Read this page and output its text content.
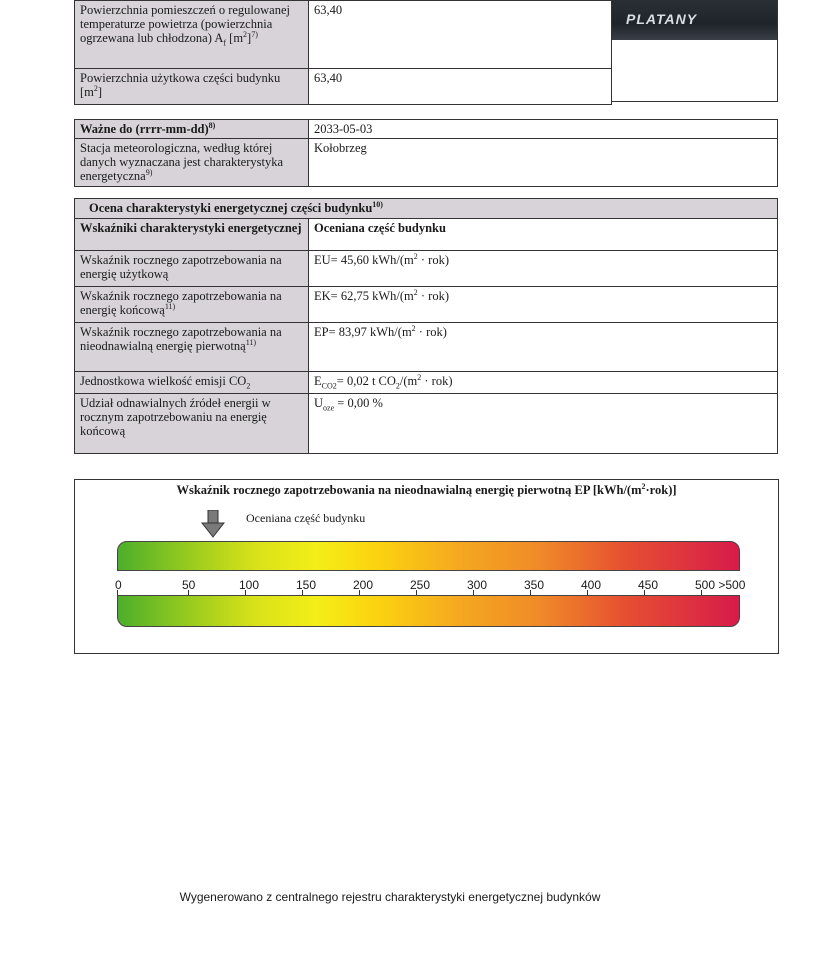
Powierzchnia pomieszczeń o regulowanej temperaturze powietrza (powierzchnia ogrzewana lub chłodzona) $A_f$ $[m^2]^{7)}$	63,40
Powierzchnia użytkowa części budynku $[m^2]$	63,40
PLATANY
Ważne do (rrrr-mm-dd)$^{8)}$	2033-05-03
Stacja meteorologiczna, według której danych wyznaczana jest charakterystyka energetyczna$^{9)}$	Kołobrzeg
Ocena charakterystyki energetycznej części budynku$^{10)}$
Wskaźniki charakterystyki energetycznej	Oceniana część budynku
Wskaźnik rocznego zapotrzebowania na energię użytkową	EU= 45,60 kWh/$(m^2 \cdot rok)$
Wskaźnik rocznego zapotrzebowania na energię końcową$^{11)}$	EK= 62,75 kWh/$(m^2 \cdot rok)$
Wskaźnik rocznego zapotrzebowania na nieodnawialną energię pierwotną$^{11)}$	EP= 83,97 kWh/$(m^2 \cdot rok)$
Jednostkowa wielkość emisji $CO_2$	$E_{CO2}= 0,02$ t $CO_2/(m^2 \cdot rok)$
Udział odnawialnych źródeł energii w rocznym zapotrzebowaniu na energię końcową	$U_{oze} = 0,00$ %
Wskaźnik rocznego zapotrzebowania na nieodnawialną energię pierwotną EP $[kWh/(m^2\cdot rok)]$
Oceniana część budynku
0	50	100	150	200	250	300	350	400	450	500 >500
Wygenerowano z centralnego rejestru charakterystyki energetycznej budynków
